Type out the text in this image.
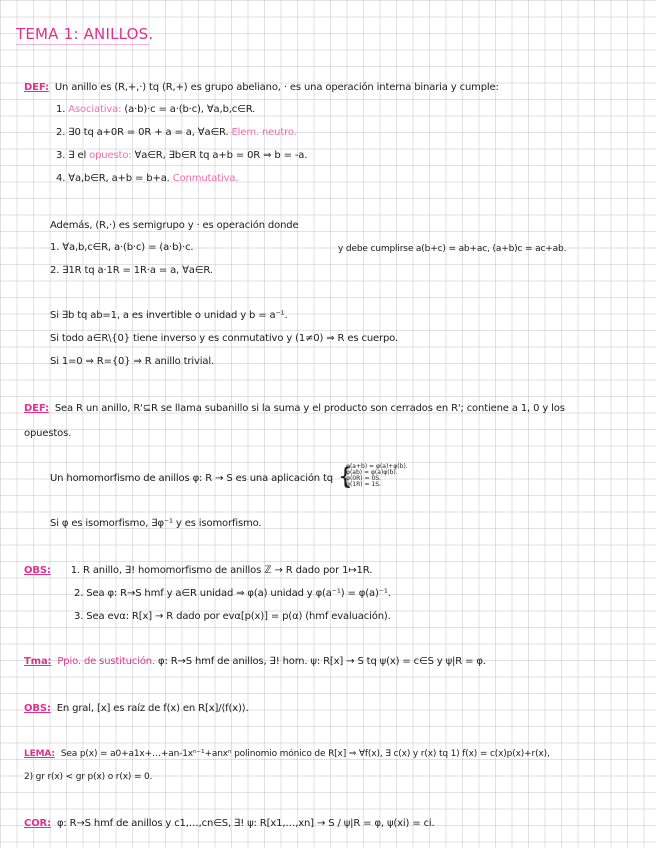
TEMA 1: ANILLOS.
DEF: Un anillo es (R,+,·) tq (R,+) es grupo abeliano, · es una operación interna binaria y cumple:
1. Asociativa: (a·b)·c = a·(b·c), ∀a,b,c∈R.
2. ∃0 tq a+0R = 0R + a = a, ∀a∈R. Elem. neutro.
3. ∃ el opuesto: ∀a∈R, ∃b∈R tq a+b = 0R ⇒ b = -a.
4. ∀a,b∈R, a+b = b+a. Conmutativa.
Además, (R,·) es semigrupo y · es operación donde
1. ∀a,b,c∈R, a·(b·c) = (a·b)·c.	y debe cumplirse a(b+c) = ab+ac, (a+b)c = ac+ab.
2. ∃1R tq a·1R = 1R·a = a, ∀a∈R.
Si ∃b tq ab=1, a es invertible o unidad y b = a⁻¹.
Si todo a∈R\{0} tiene inverso y es conmutativo y (1≠0) ⇒ R es cuerpo.
Si 1=0 ⇒ R={0} ⇒ R anillo trivial.
DEF: Sea R un anillo, R'⊆R se llama subanillo si la suma y el producto son cerrados en R'; contiene a 1, 0 y los
opuestos.
Un homomorfismo de anillos φ: R → S es una aplicación tq {
φ(a+b) = φ(a)+φ(b).
φ(ab) = φ(a)φ(b).
φ(0R) = 0S.
φ(1R) = 1S.
Si φ es isomorfismo, ∃φ⁻¹ y es isomorfismo.
OBS: 1. R anillo, ∃! homomorfismo de anillos ℤ → R dado por 1↦1R.
2. Sea φ: R→S hmf y a∈R unidad ⇒ φ(a) unidad y φ(a⁻¹) = φ(a)⁻¹.
3. Sea evα: R[x] → R dado por evα[p(x)] = p(α) (hmf evaluación).
Tma: Ppio. de sustitución. φ: R→S hmf de anillos, ∃! hom. ψ: R[x] → S tq ψ(x) = c∈S y ψ|R = φ.
OBS: En gral, [x] es raíz de f(x) en R[x]/⟨f(x)⟩.
LEMA: Sea p(x) = a0+a1x+…+an-1xⁿ⁻¹+anxⁿ polinomio mónico de R[x] ⇒ ∀f(x), ∃ c(x) y r(x) tq 1) f(x) = c(x)p(x)+r(x),
2) gr r(x) < gr p(x) o r(x) = 0.
COR: φ: R→S hmf de anillos y c1,…,cn∈S, ∃! ψ: R[x1,…,xn] → S / ψ|R = φ, ψ(xi) = ci.
